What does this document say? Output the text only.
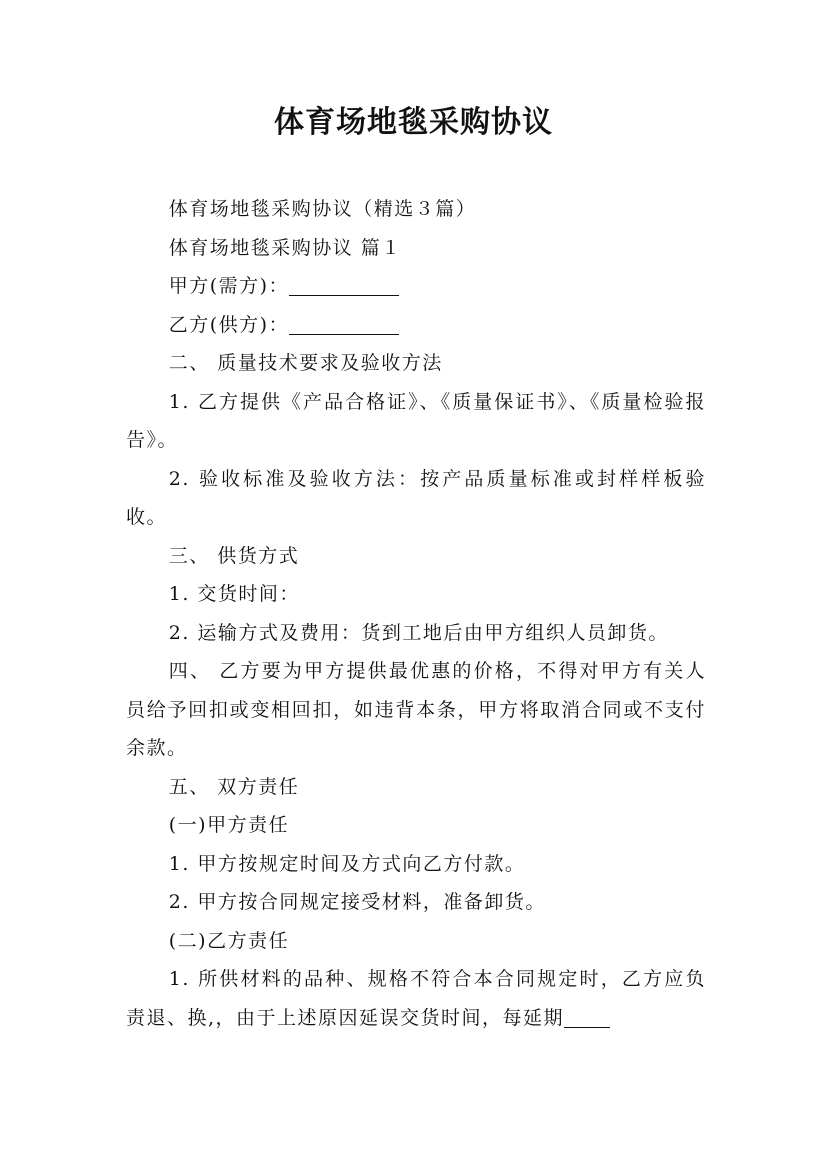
体育场地毯采购协议

体育场地毯采购协议（精选３篇）

体育场地毯采购协议 篇１

甲方(需方)：

乙方(供方)：

二、 质量技术要求及验收方法

1. 乙方提供《产品合格证》、《质量保证书》、《质量检验报告》。

2. 验收标准及验收方法：按产品质量标准或封样样板验收。

三、 供货方式

1. 交货时间：

2. 运输方式及费用：货到工地后由甲方组织人员卸货。

四、 乙方要为甲方提供最优惠的价格，不得对甲方有关人员给予回扣或变相回扣，如违背本条，甲方将取消合同或不支付余款。

五、 双方责任

(一)甲方责任

1. 甲方按规定时间及方式向乙方付款。

2. 甲方按合同规定接受材料，准备卸货。

(二)乙方责任

1. 所供材料的品种、规格不符合本合同规定时，乙方应负责退、换,，由于上述原因延误交货时间，每延期
